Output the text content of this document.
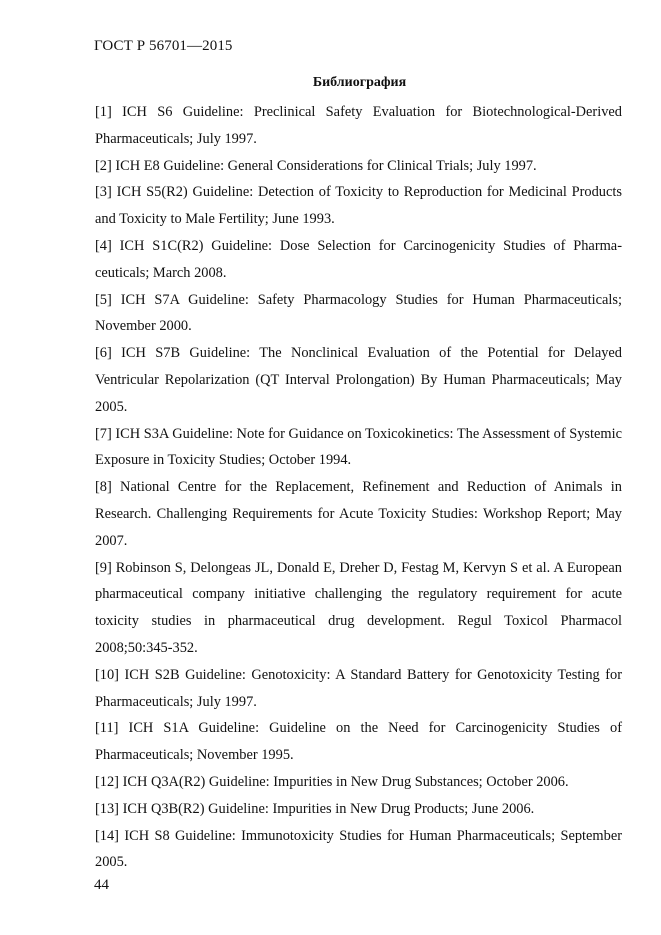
ГОСТ Р 56701—2015
Библиография

[1] ICH S6 Guideline: Preclinical Safety Evaluation for Biotechnological-Derived Pharmaceuticals; July 1997.

[2] ICH E8 Guideline: General Considerations for Clinical Trials; July 1997.

[3] ICH S5(R2) Guideline: Detection of Toxicity to Reproduction for Medicinal Products and Toxicity to Male Fertility; June 1993.

[4] ICH S1C(R2) Guideline: Dose Selection for Carcinogenicity Studies of Pharmaceuticals; March 2008.

[5] ICH S7A Guideline: Safety Pharmacology Studies for Human Pharmaceuticals; November 2000.

[6] ICH S7B Guideline: The Nonclinical Evaluation of the Potential for Delayed Ventricular Repolarization (QT Interval Prolongation) By Human Pharmaceuticals; May 2005.

[7] ICH S3A Guideline: Note for Guidance on Toxicokinetics: The Assessment of Systemic Exposure in Toxicity Studies; October 1994.

[8] National Centre for the Replacement, Refinement and Reduction of Animals in Research. Challenging Requirements for Acute Toxicity Studies: Workshop Report; May 2007.

[9] Robinson S, Delongeas JL, Donald E, Dreher D, Festag M, Kervyn S et al. A European pharmaceutical company initiative challenging the regulatory requirement for acute toxicity studies in pharmaceutical drug development. Regul Toxicol Pharmacol 2008;50:345-352.

[10] ICH S2B Guideline: Genotoxicity: A Standard Battery for Genotoxicity Testing for Pharmaceuticals; July 1997.

[11] ICH S1A Guideline: Guideline on the Need for Carcinogenicity Studies of Pharmaceuticals; November 1995.

[12] ICH Q3A(R2) Guideline: Impurities in New Drug Substances; October 2006.

[13] ICH Q3B(R2) Guideline: Impurities in New Drug Products; June 2006.

[14] ICH S8 Guideline: Immunotoxicity Studies for Human Pharmaceuticals; September 2005.

44
